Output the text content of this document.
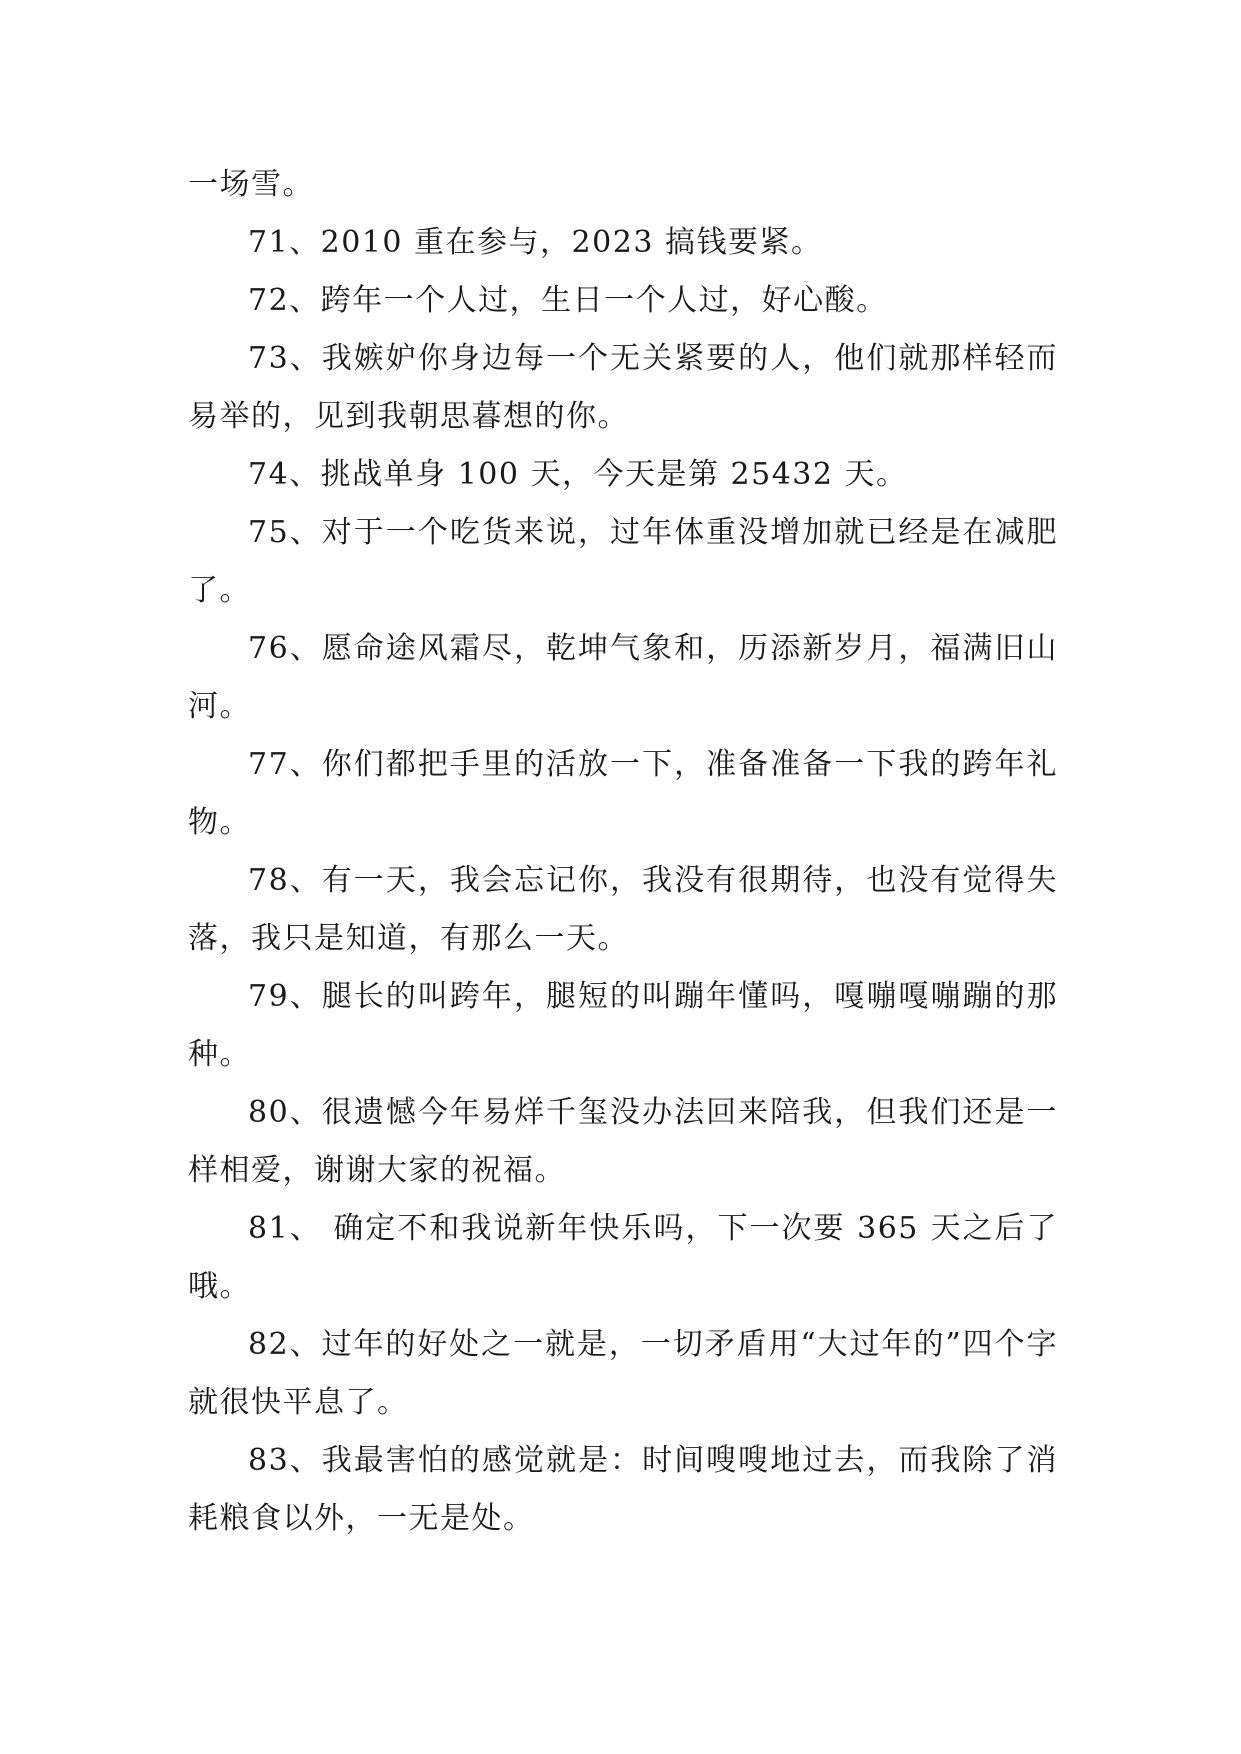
一场雪。

71、2010 重在参与，2023 搞钱要紧。

72、跨年一个人过，生日一个人过，好心酸。

73、我嫉妒你身边每一个无关紧要的人，他们就那样轻而易举的，见到我朝思暮想的你。

74、挑战单身 100 天，今天是第 25432 天。

75、对于一个吃货来说，过年体重没增加就已经是在减肥了。

76、愿命途风霜尽，乾坤气象和，历添新岁月，福满旧山河。

77、你们都把手里的活放一下，准备准备一下我的跨年礼物。

78、有一天，我会忘记你，我没有很期待，也没有觉得失落，我只是知道，有那么一天。

79、腿长的叫跨年，腿短的叫蹦年懂吗，嘎嘣嘎嘣蹦的那种。

80、很遗憾今年易烊千玺没办法回来陪我，但我们还是一样相爱，谢谢大家的祝福。

81、 确定不和我说新年快乐吗，下一次要 365 天之后了哦。

82、过年的好处之一就是，一切矛盾用“大过年的”四个字就很快平息了。

83、我最害怕的感觉就是：时间嗖嗖地过去，而我除了消耗粮食以外，一无是处。
